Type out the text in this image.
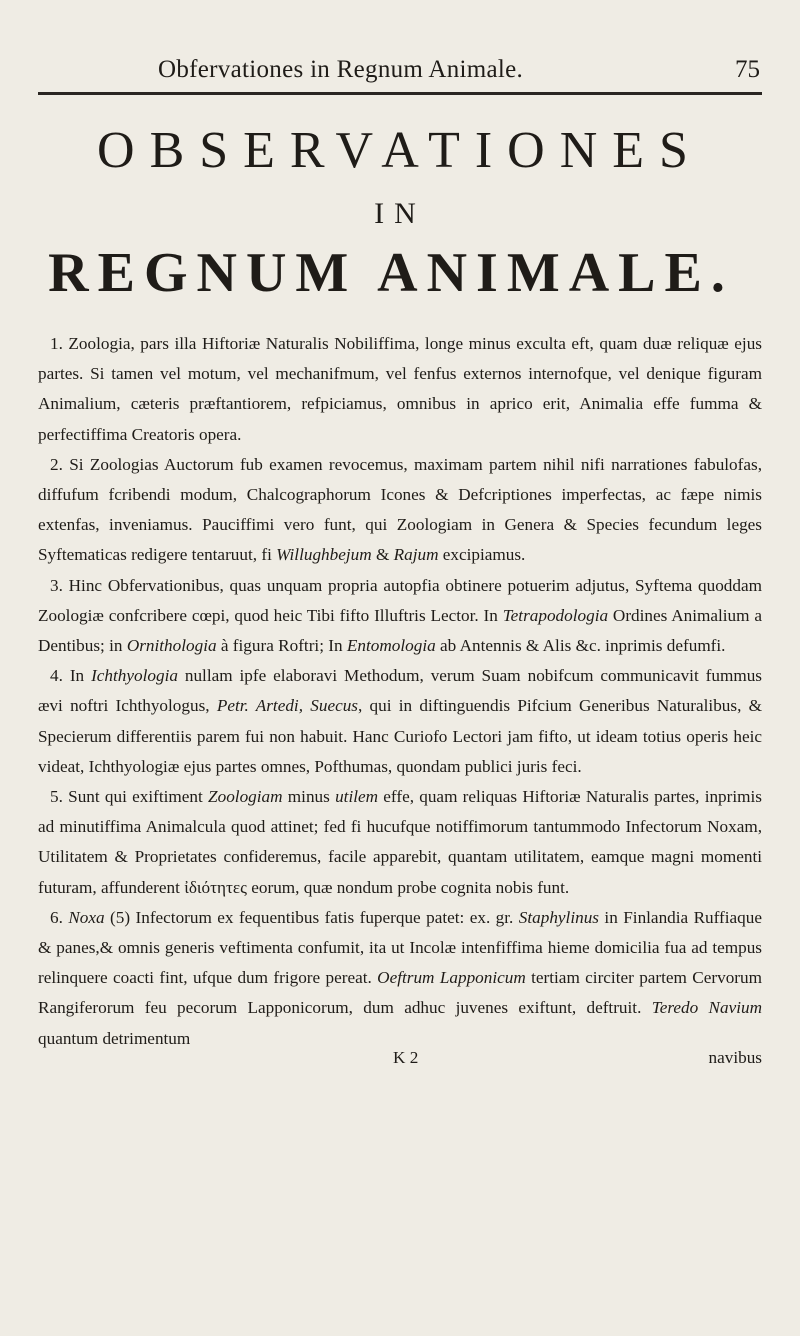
Obfervationes in Regnum Animale.	75
OBSERVATIONES
IN
REGNUM ANIMALE.

1. Zoologia, pars illa Hiftoriæ Naturalis Nobiliffima, longe minus exculta eft, quam duæ reliquæ ejus partes. Si tamen vel motum, vel mechanifmum, vel fenfus externos internofque, vel denique figuram Animalium, cæteris præftantiorem, refpiciamus, omnibus in aprico erit, Animalia effe fumma & perfectiffima Creatoris opera.

2. Si Zoologias Auctorum fub examen revocemus, maximam partem nihil nifi narrationes fabulofas, diffufum fcribendi modum, Chalcographorum Icones & Defcriptiones imperfectas, ac fæpe nimis extenfas, inveniamus. Pauciffimi vero funt, qui Zoologiam in Genera & Species fecundum leges Syftematicas redigere tentaruut, fi Willughbejum & Rajum excipiamus.

3. Hinc Obfervationibus, quas unquam propria autopfia obtinere potuerim adjutus, Syftema quoddam Zoologiæ confcribere cœpi, quod heic Tibi fifto Illuftris Lector. In Tetrapodologia Ordines Animalium a Dentibus; in Ornithologia à figura Roftri; In Entomologia ab Antennis & Alis &c. inprimis defumfi.

4. In Ichthyologia nullam ipfe elaboravi Methodum, verum Suam nobifcum communicavit fummus ævi noftri Ichthyologus, Petr. Artedi, Suecus, qui in diftinguendis Pifcium Generibus Naturalibus, & Specierum differentiis parem fui non habuit. Hanc Curiofo Lectori jam fifto, ut ideam totius operis heic videat, Ichthyologiæ ejus partes omnes, Pofthumas, quondam publici juris feci.

5. Sunt qui exiftiment Zoologiam minus utilem effe, quam reliquas Hiftoriæ Naturalis partes, inprimis ad minutiffima Animalcula quod attinet; fed fi hucufque notiffimorum tantummodo Infectorum Noxam, Utilitatem & Proprietates confideremus, facile apparebit, quantam utilitatem, eamque magni momenti futuram, affunderent ἰδιότητες eorum, quæ nondum probe cognita nobis funt.

6. Noxa (5) Infectorum ex fequentibus fatis fuperque patet: ex. gr. Staphylinus in Finlandia Ruffiaque & panes,& omnis generis veftimenta confumit, ita ut Incolæ intenfiffima hieme domicilia fua ad tempus relinquere coacti fint, ufque dum frigore pereat. Oeftrum Lapponicum tertiam circiter partem Cervorum Rangiferorum feu pecorum Lapponicorum, dum adhuc juvenes exiftunt, deftruit. Teredo Navium quantum detrimentum

K 2	navibus
